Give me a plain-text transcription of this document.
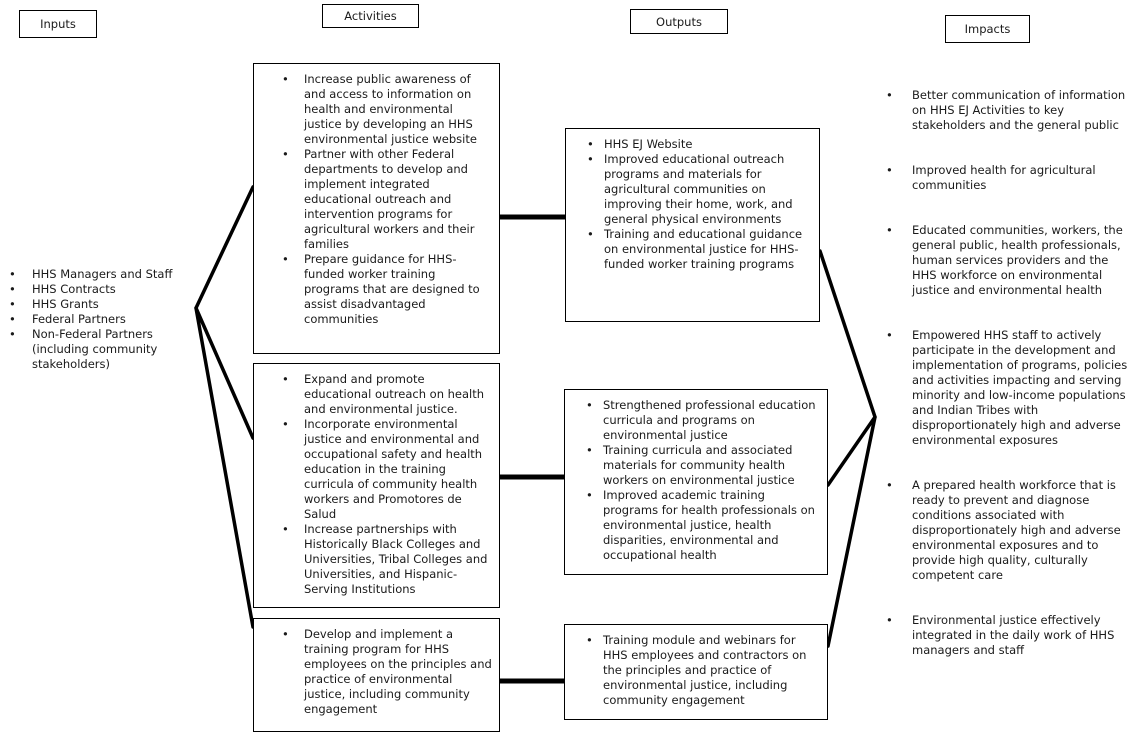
Inputs
Activities	Outputs
Impacts
• HHS Managers and Staff
• HHS Contracts
• HHS Grants
• Federal Partners
• Non-Federal Partners (including community stakeholders)
• Increase public awareness of and access to information on health and environmental justice by developing an HHS environmental justice website
• Partner with other Federal departments to develop and implement integrated educational outreach and intervention programs for agricultural workers and their families
• Prepare guidance for HHS-funded worker training programs that are designed to assist disadvantaged communities
• Expand and promote educational outreach on health and environmental justice.
• Incorporate environmental justice and environmental and occupational safety and health education in the training curricula of community health workers and Promotores de Salud
• Increase partnerships with Historically Black Colleges and Universities, Tribal Colleges and Universities, and Hispanic-Serving Institutions
• Develop and implement a training program for HHS employees on the principles and practice of environmental justice, including community engagement
• HHS EJ Website
• Improved educational outreach programs and materials for agricultural communities on improving their home, work, and general physical environments
• Training and educational guidance on environmental justice for HHS-funded worker training programs
• Strengthened professional education curricula and programs on environmental justice
• Training curricula and associated materials for community health workers on environmental justice
• Improved academic training programs for health professionals on environmental justice, health disparities, environmental and occupational health
• Training module and webinars for HHS employees and contractors on the principles and practice of environmental justice, including community engagement
• Better communication of information on HHS EJ Activities to key stakeholders and the general public
• Improved health for agricultural communities
• Educated communities, workers, the general public, health professionals, human services providers and the HHS workforce on environmental justice and environmental health
• Empowered HHS staff to actively participate in the development and implementation of programs, policies and activities impacting and serving minority and low-income populations and Indian Tribes with disproportionately high and adverse environmental exposures
• A prepared health workforce that is ready to prevent and diagnose conditions associated with disproportionately high and adverse environmental exposures and to provide high quality, culturally competent care
• Environmental justice effectively integrated in the daily work of HHS managers and staff
